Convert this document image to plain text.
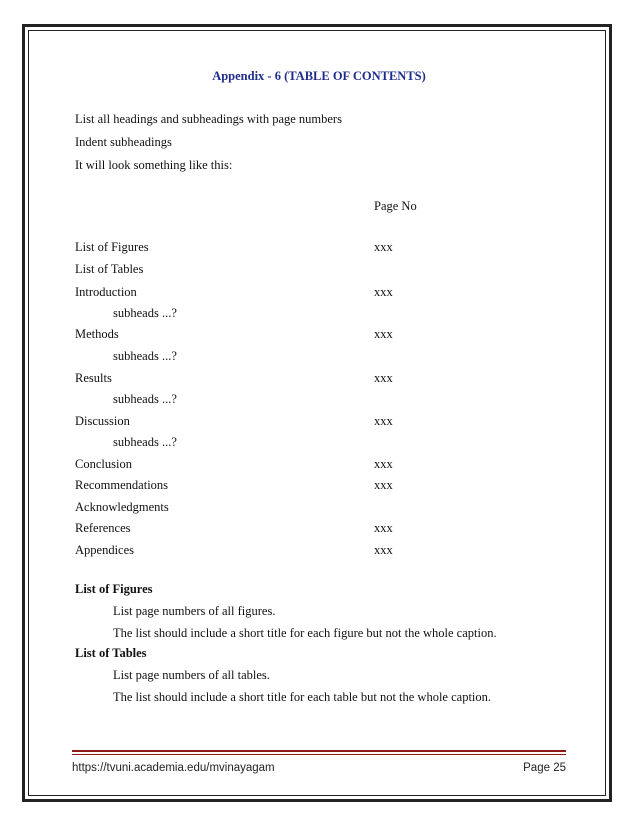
Appendix - 6 (TABLE OF CONTENTS)
List all headings and subheadings with page numbers
Indent subheadings
It will look something like this:
Page No
List of Figures	xxx
List of Tables
Introduction	xxx
subheads ...?
Methods	xxx
subheads ...?
Results	xxx
subheads ...?
Discussion	xxx
subheads ...?
Conclusion	xxx
Recommendations	xxx
Acknowledgments
References	xxx
Appendices	xxx
List of Figures
List page numbers of all figures.
The list should include a short title for each figure but not the whole caption.
List of Tables
List page numbers of all tables.
The list should include a short title for each table but not the whole caption.
https://tvuni.academia.edu/mvinayagam	Page 25
